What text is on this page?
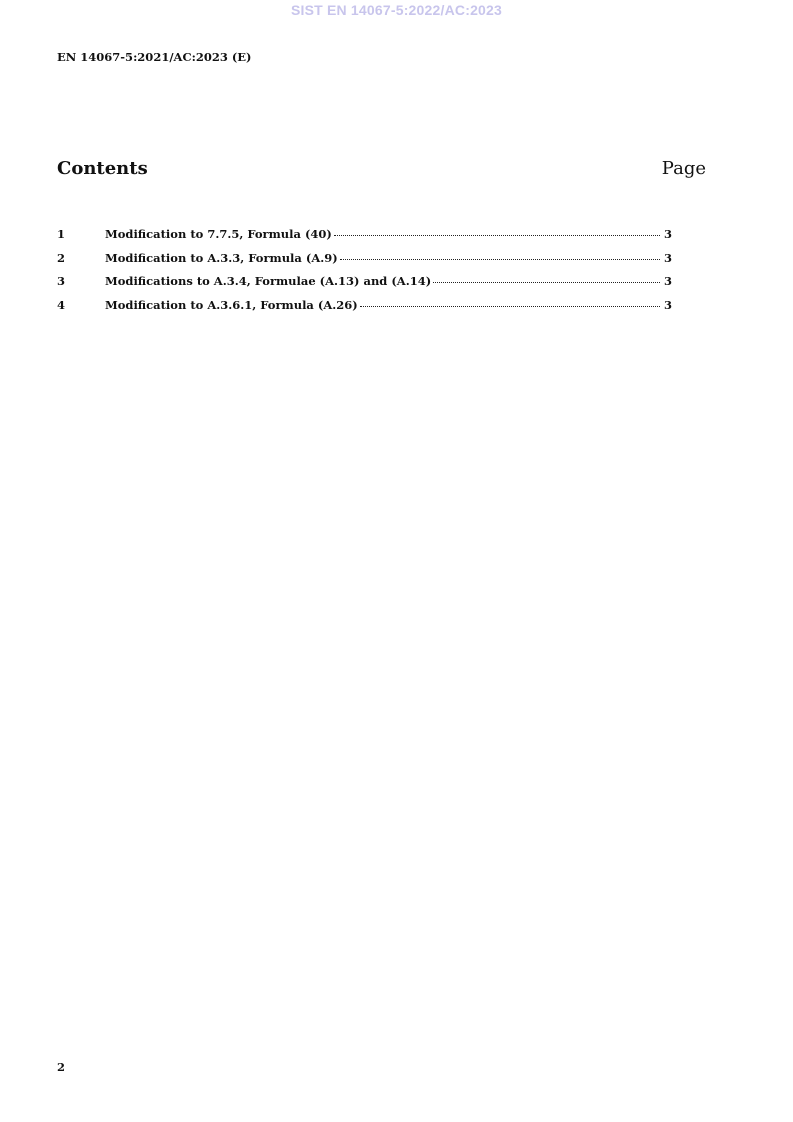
SIST EN 14067-5:2022/AC:2023
EN 14067-5:2021/AC:2023 (E)
Contents	Page
1	Modification to 7.7.5, Formula (40)	3
2	Modification to A.3.3, Formula (A.9)	3
3	Modifications to A.3.4, Formulae (A.13) and (A.14)	3
4	Modification to A.3.6.1, Formula (A.26)	3
2
